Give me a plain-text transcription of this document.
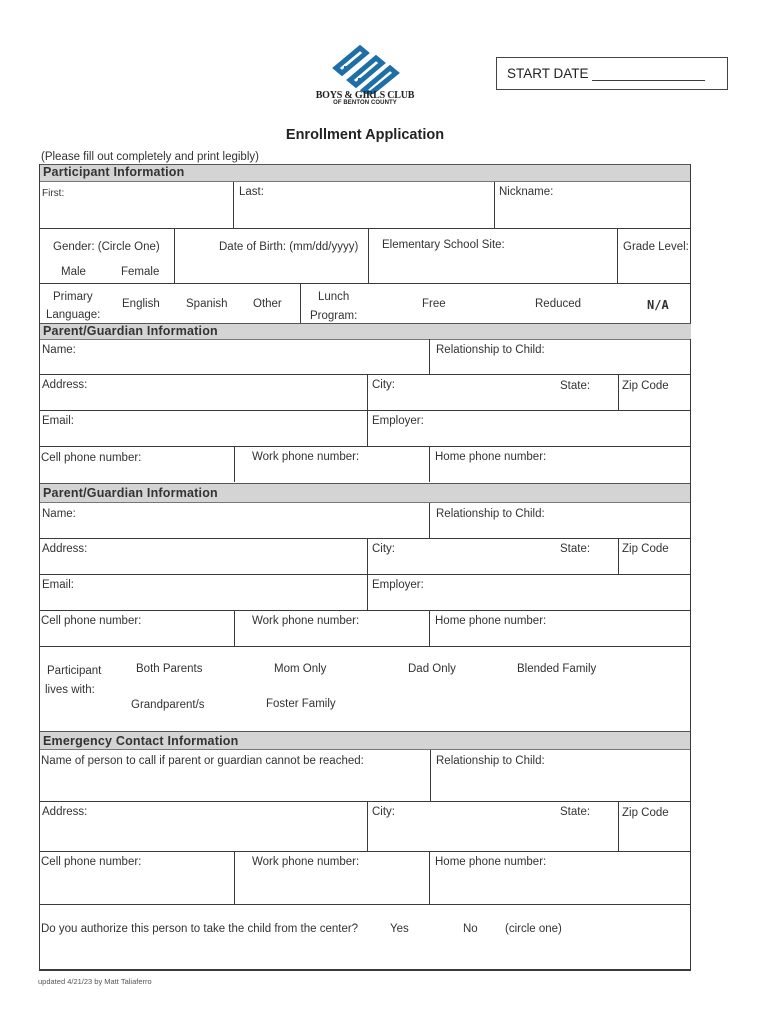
BOYS & GIRLS CLUB
OF BENTON COUNTY
START DATE _______________
Enrollment Application
(Please fill out completely and print legibly)
Participant Information
First:	Last:	Nickname:
Gender: (Circle One)
Male	Female
Date of Birth: (mm/dd/yyyy) Elementary School Site:	Grade Level:
Primary
Language:
English Spanish Other
Lunch
Program:
Free	Reduced	N/A
Parent/Guardian Information
Name:	Relationship to Child:
Address:	City:	State:	Zip Code
Email:	Employer:
Cell phone number:	Work phone number:	Home phone number:
Parent/Guardian Information
Name:	Relationship to Child:
Address:	City:	State:	Zip Code
Email:	Employer:
Cell phone number:	Work phone number:	Home phone number:
Participant
lives with:
Both Parents	Mom Only	Dad Only	Blended Family
Grandparent/s	Foster Family
Emergency Contact Information
Name of person to call if parent or guardian cannot be reached:	Relationship to Child:
Address:	City:	State:	Zip Code
Cell phone number:	Work phone number:	Home phone number:
Do you authorize this person to take the child from the center?	Yes	No (circle one)
updated 4/21/23 by Matt Taliaferro
